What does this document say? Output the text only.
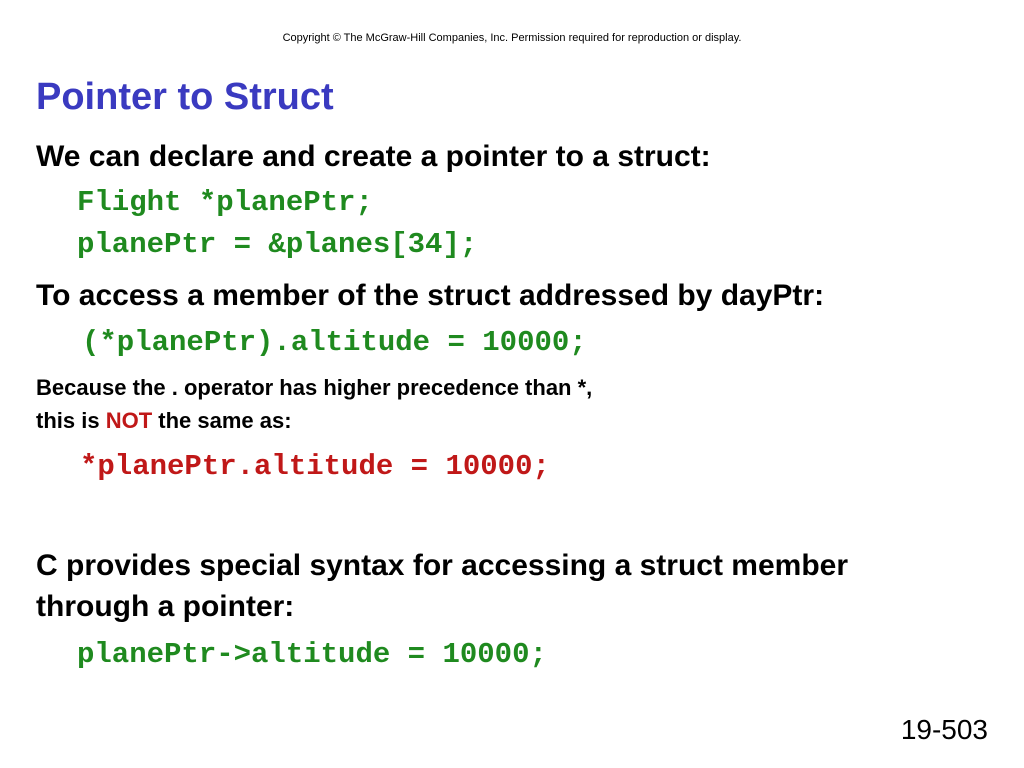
Copyright © The McGraw-Hill Companies, Inc. Permission required for reproduction or display.
Pointer to Struct
We can declare and create a pointer to a struct:
Flight *planePtr;
planePtr = &planes[34];
To access a member of the struct addressed by dayPtr:
(*planePtr).altitude = 10000;
Because the . operator has higher precedence than *,
this is NOT the same as:
*planePtr.altitude = 10000;
C provides special syntax for accessing a struct member
through a pointer:
planePtr->altitude = 10000;
19-503
